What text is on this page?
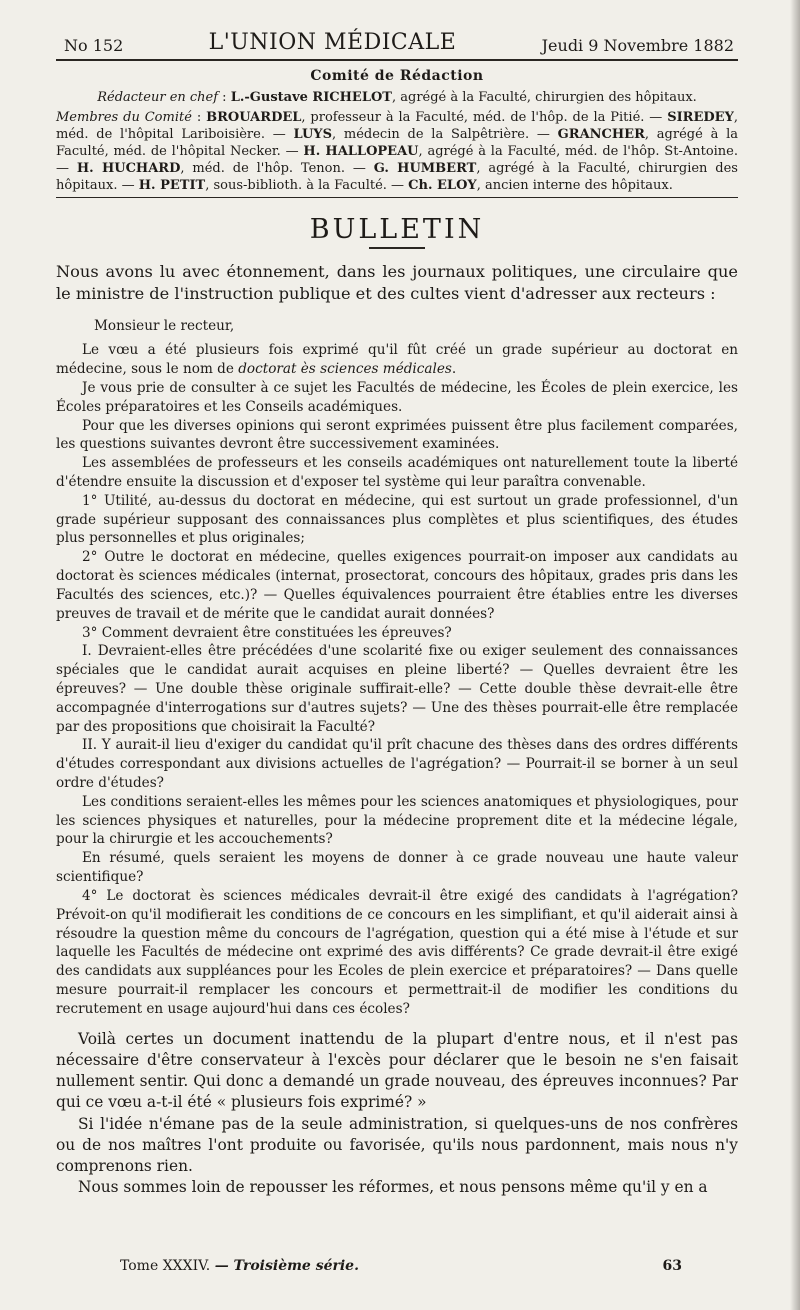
No 152	L'UNION MÉDICALE	Jeudi 9 Novembre 1882
Comité de Rédaction
Rédacteur en chef : L.-Gustave RICHELOT, agrégé à la Faculté, chirurgien des hôpitaux.
Membres du Comité : BROUARDEL, professeur à la Faculté, méd. de l'hôp. de la Pitié. — SIREDEY, méd. de l'hôpital Lariboisière. — LUYS, médecin de la Salpêtrière. — GRANCHER, agrégé à la Faculté, méd. de l'hôpital Necker. — H. HALLOPEAU, agrégé à la Faculté, méd. de l'hôp. St-Antoine. — H. HUCHARD, méd. de l'hôp. Tenon. — G. HUMBERT, agrégé à la Faculté, chirurgien des hôpitaux. — H. PETIT, sous-biblioth. à la Faculté. — Ch. ELOY, ancien interne des hôpitaux.
BULLETIN

Nous avons lu avec étonnement, dans les journaux politiques, une circulaire que le ministre de l'instruction publique et des cultes vient d'adresser aux recteurs :

Monsieur le recteur,

Le vœu a été plusieurs fois exprimé qu'il fût créé un grade supérieur au doctorat en médecine, sous le nom de doctorat ès sciences médicales.

Je vous prie de consulter à ce sujet les Facultés de médecine, les Écoles de plein exercice, les Écoles préparatoires et les Conseils académiques.

Pour que les diverses opinions qui seront exprimées puissent être plus facilement comparées, les questions suivantes devront être successivement examinées.

Les assemblées de professeurs et les conseils académiques ont naturellement toute la liberté d'étendre ensuite la discussion et d'exposer tel système qui leur paraîtra convenable.

1° Utilité, au-dessus du doctorat en médecine, qui est surtout un grade professionnel, d'un grade supérieur supposant des connaissances plus complètes et plus scientifiques, des études plus personnelles et plus originales;

2° Outre le doctorat en médecine, quelles exigences pourrait-on imposer aux candidats au doctorat ès sciences médicales (internat, prosectorat, concours des hôpitaux, grades pris dans les Facultés des sciences, etc.)? — Quelles équivalences pourraient être établies entre les diverses preuves de travail et de mérite que le candidat aurait données?

3° Comment devraient être constituées les épreuves?

I. Devraient-elles être précédées d'une scolarité fixe ou exiger seulement des connaissances spéciales que le candidat aurait acquises en pleine liberté? — Quelles devraient être les épreuves? — Une double thèse originale suffirait-elle? — Cette double thèse devrait-elle être accompagnée d'interrogations sur d'autres sujets? — Une des thèses pourrait-elle être remplacée par des propositions que choisirait la Faculté?

II. Y aurait-il lieu d'exiger du candidat qu'il prît chacune des thèses dans des ordres différents d'études correspondant aux divisions actuelles de l'agrégation? — Pourrait-il se borner à un seul ordre d'études?

Les conditions seraient-elles les mêmes pour les sciences anatomiques et physiologiques, pour les sciences physiques et naturelles, pour la médecine proprement dite et la médecine légale, pour la chirurgie et les accouchements?

En résumé, quels seraient les moyens de donner à ce grade nouveau une haute valeur scientifique?

4° Le doctorat ès sciences médicales devrait-il être exigé des candidats à l'agrégation? Prévoit-on qu'il modifierait les conditions de ce concours en les simplifiant, et qu'il aiderait ainsi à résoudre la question même du concours de l'agrégation, question qui a été mise à l'étude et sur laquelle les Facultés de médecine ont exprimé des avis différents? Ce grade devrait-il être exigé des candidats aux suppléances pour les Ecoles de plein exercice et préparatoires? — Dans quelle mesure pourrait-il remplacer les concours et permettrait-il de modifier les conditions du recrutement en usage aujourd'hui dans ces écoles?

Voilà certes un document inattendu de la plupart d'entre nous, et il n'est pas nécessaire d'être conservateur à l'excès pour déclarer que le besoin ne s'en faisait nullement sentir. Qui donc a demandé un grade nouveau, des épreuves inconnues? Par qui ce vœu a-t-il été « plusieurs fois exprimé? »

Si l'idée n'émane pas de la seule administration, si quelques-uns de nos confrères ou de nos maîtres l'ont produite ou favorisée, qu'ils nous pardonnent, mais nous n'y comprenons rien.

Nous sommes loin de repousser les réformes, et nous pensons même qu'il y en a

Tome XXXIV. — Troisième série.	63
